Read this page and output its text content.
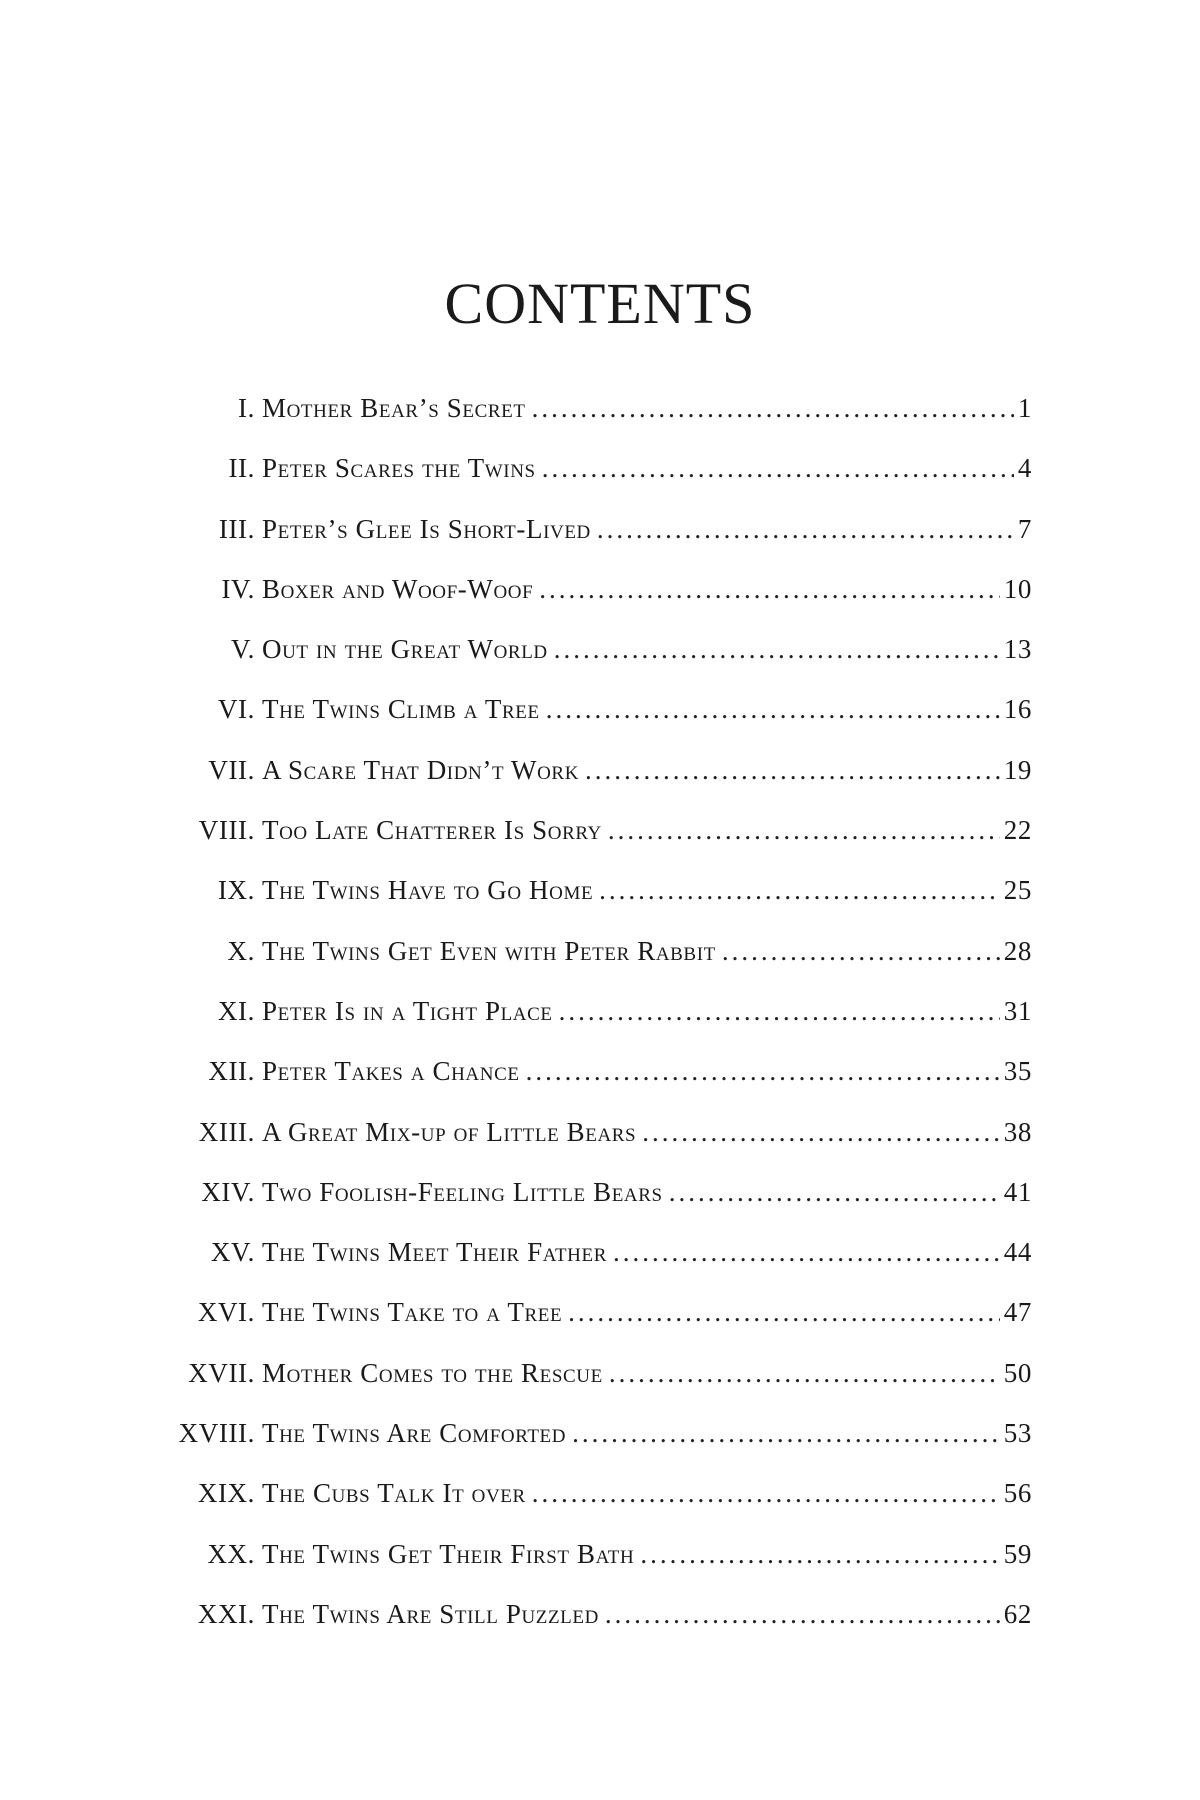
CONTENTS
I. Mother Bear’s Secret .....	1
II. Peter Scares the Twins .....	4
III. Peter’s Glee Is Short-Lived .....	7
IV. Boxer and Woof-Woof .....	10
V. Out in the Great World .....	13
VI. The Twins Climb a Tree .....	16
VII. A Scare That Didn’t Work .....	19
VIII. Too Late Chatterer Is Sorry .....	22
IX. The Twins Have to Go Home .....	25
X. The Twins Get Even with Peter Rabbit .....	28
XI. Peter Is in a Tight Place .....	31
XII. Peter Takes a Chance .....	35
XIII. A Great Mix-up of Little Bears .....	38
XIV. Two Foolish-Feeling Little Bears .....	41
XV. The Twins Meet Their Father .....	44
XVI. The Twins Take to a Tree .....	47
XVII. Mother Comes to the Rescue .....	50
XVIII. The Twins Are Comforted .....	53
XIX. The Cubs Talk It over .....	56
XX. The Twins Get Their First Bath .....	59
XXI. The Twins Are Still Puzzled .....	62
